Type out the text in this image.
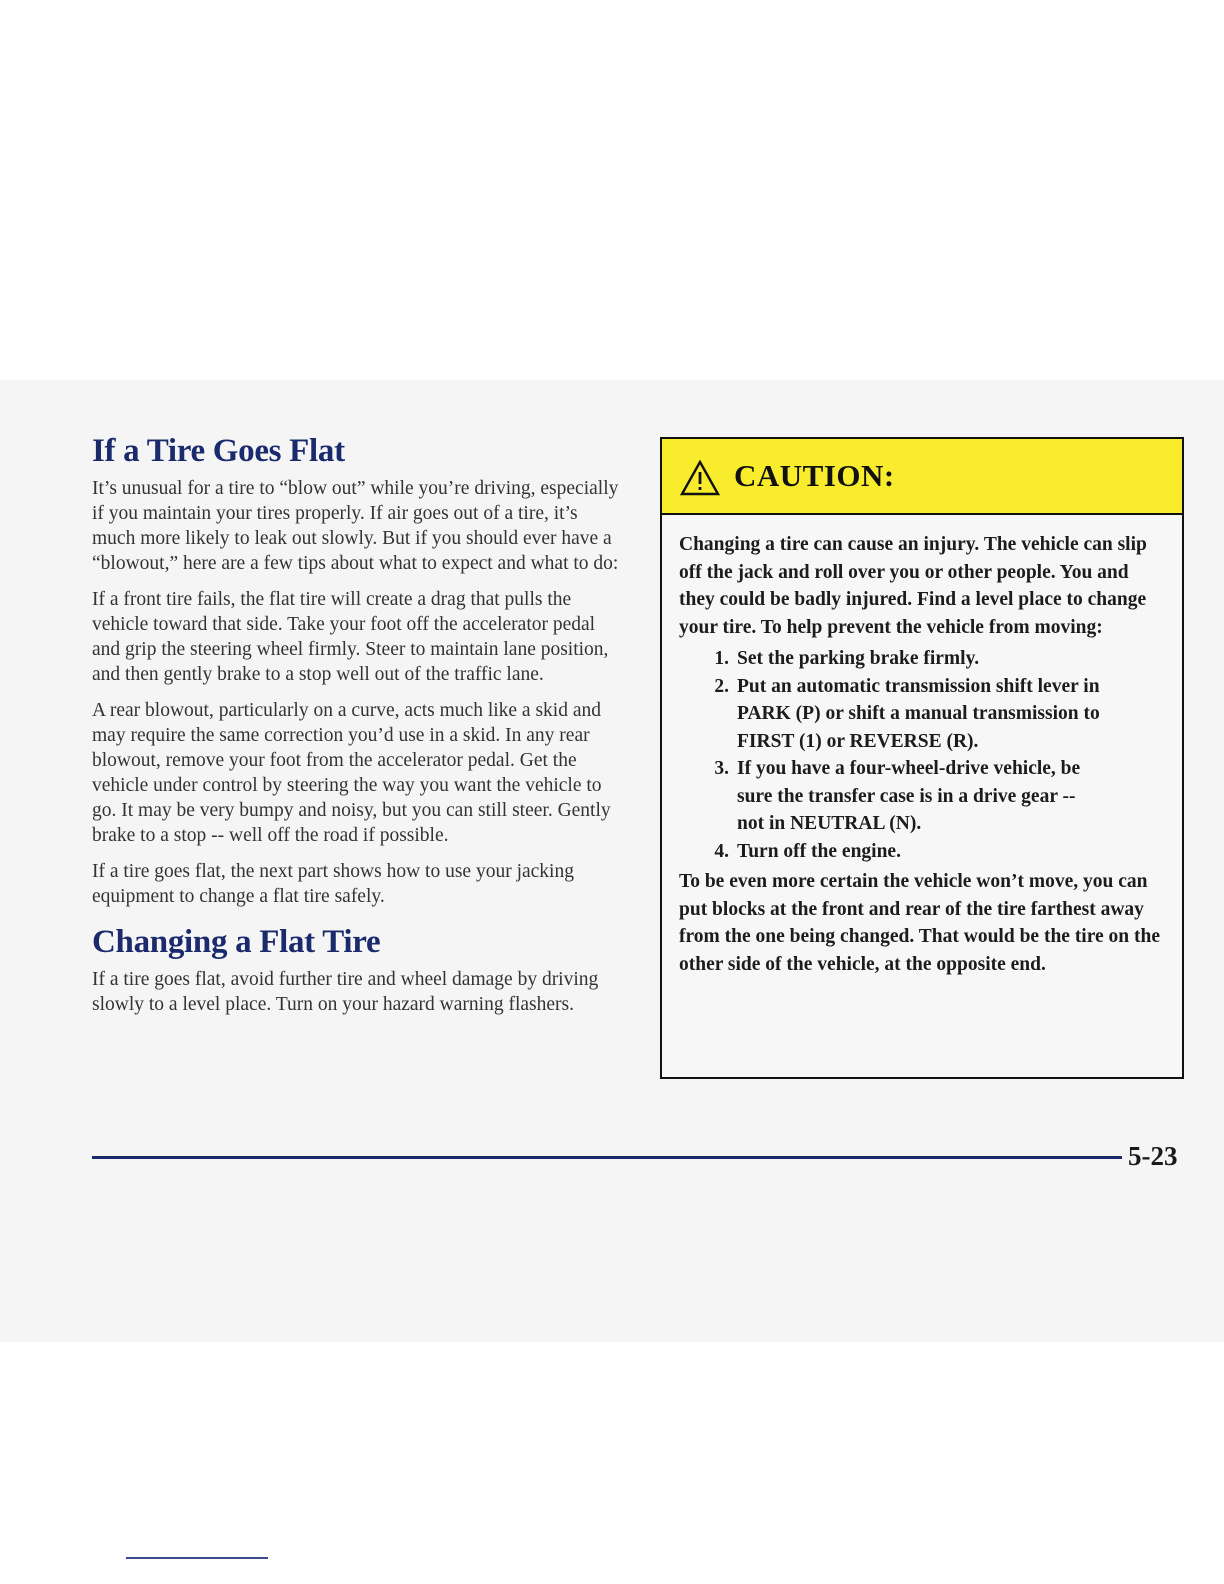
If a Tire Goes Flat

It’s unusual for a tire to “blow out” while you’re driving, especially if you maintain your tires properly. If air goes out of a tire, it’s much more likely to leak out slowly. But if you should ever have a “blowout,” here are a few tips about what to expect and what to do:

If a front tire fails, the flat tire will create a drag that pulls the vehicle toward that side. Take your foot off the accelerator pedal and grip the steering wheel firmly. Steer to maintain lane position, and then gently brake to a stop well out of the traffic lane.

A rear blowout, particularly on a curve, acts much like a skid and may require the same correction you’d use in a skid. In any rear blowout, remove your foot from the accelerator pedal. Get the vehicle under control by steering the way you want the vehicle to go. It may be very bumpy and noisy, but you can still steer. Gently brake to a stop -- well off the road if possible.

If a tire goes flat, the next part shows how to use your jacking equipment to change a flat tire safely.

Changing a Flat Tire

If a tire goes flat, avoid further tire and wheel damage by driving slowly to a level place. Turn on your hazard warning flashers.

CAUTION:

Changing a tire can cause an injury. The vehicle can slip off the jack and roll over you or other people. You and they could be badly injured. Find a level place to change your tire. To help prevent the vehicle from moving:

1. Set the parking brake firmly.
2. Put an automatic transmission shift lever in PARK (P) or shift a manual transmission to FIRST (1) or REVERSE (R).
3. If you have a four-wheel-drive vehicle, be sure the transfer case is in a drive gear -- not in NEUTRAL (N).
4. Turn off the engine.

To be even more certain the vehicle won’t move, you can put blocks at the front and rear of the tire farthest away from the one being changed. That would be the tire on the other side of the vehicle, at the opposite end.

5-23
